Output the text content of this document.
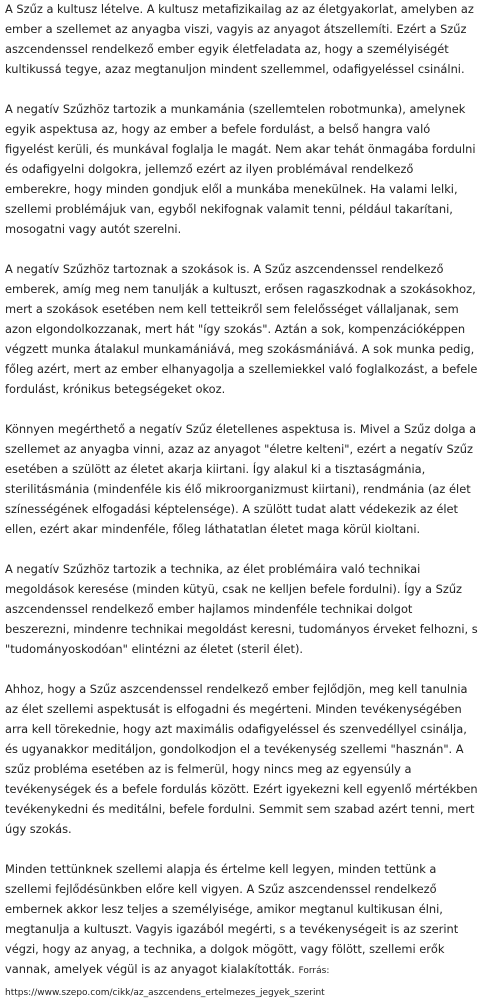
A Szűz a kultusz lételve. A kultusz metafizikailag az az életgyakorlat, amelyben az ember a szellemet az anyagba viszi, vagyis az anyagot átszellemíti. Ezért a Szűz aszcendenssel rendelkező ember egyik életfeladata az, hogy a személyiségét kultikussá tegye, azaz megtanuljon mindent szellemmel, odafigyeléssel csinálni.

A negatív Szűzhöz tartozik a munkamánia (szellemtelen robotmunka), amelynek egyik aspektusa az, hogy az ember a befele fordulást, a belső hangra való figyelést kerüli, és munkával foglalja le magát. Nem akar tehát önmagába fordulni és odafigyelni dolgokra, jellemző ezért az ilyen problémával rendelkező emberekre, hogy minden gondjuk elől a munkába menekülnek. Ha valami lelki, szellemi problémájuk van, egyből nekifognak valamit tenni, például takarítani, mosogatni vagy autót szerelni.

A negatív Szűzhöz tartoznak a szokások is. A Szűz aszcendenssel rendelkező emberek, amíg meg nem tanulják a kultuszt, erősen ragaszkodnak a szokásokhoz, mert a szokások esetében nem kell tetteikről sem felelősséget vállaljanak, sem azon elgondolkozzanak, mert hát "így szokás". Aztán a sok, kompenzációképpen végzett munka átalakul munkamániává, meg szokásmániává. A sok munka pedig, főleg azért, mert az ember elhanyagolja a szellemiekkel való foglalkozást, a befele fordulást, krónikus betegségeket okoz.

Könnyen megérthető a negatív Szűz életellenes aspektusa is. Mivel a Szűz dolga a szellemet az anyagba vinni, azaz az anyagot "életre kelteni", ezért a negatív Szűz esetében a szülött az életet akarja kiirtani. Így alakul ki a tisztaságmánia, sterilitásmánia (mindenféle kis élő mikroorganizmust kiirtani), rendmánia (az élet színességének elfogadási képtelensége). A szülött tudat alatt védekezik az élet ellen, ezért akar mindenféle, főleg láthatatlan életet maga körül kioltani.

A negatív Szűzhöz tartozik a technika, az élet problémáira való technikai megoldások keresése (minden kütyü, csak ne kelljen befele fordulni). Így a Szűz aszcendenssel rendelkező ember hajlamos mindenféle technikai dolgot beszerezni, mindenre technikai megoldást keresni, tudományos érveket felhozni, s "tudományoskodóan" elintézni az életet (steril élet).

Ahhoz, hogy a Szűz aszcendenssel rendelkező ember fejlődjön, meg kell tanulnia az élet szellemi aspektusát is elfogadni és megérteni. Minden tevékenységében arra kell törekednie, hogy azt maximális odafigyeléssel és szenvedéllyel csinálja, és ugyanakkor meditáljon, gondolkodjon el a tevékenység szellemi "hasznán". A szűz probléma esetében az is felmerül, hogy nincs meg az egyensúly a tevékenységek és a befele fordulás között. Ezért igyekezni kell egyenlő mértékben tevékenykedni és meditálni, befele fordulni. Semmit sem szabad azért tenni, mert úgy szokás.

Minden tettünknek szellemi alapja és értelme kell legyen, minden tettünk a szellemi fejlődésünkben előre kell vigyen. A Szűz aszcendenssel rendelkező embernek akkor lesz teljes a személyisége, amikor megtanul kultikusan élni, megtanulja a kultuszt. Vagyis igazából megérti, s a tevékenységeit is az szerint végzi, hogy az anyag, a technika, a dolgok mögött, vagy fölött, szellemi erők vannak, amelyek végül is az anyagot kialakították. Forrás: https://www.szepo.com/cikk/az_aszcendens_ertelmezes_jegyek_szerint
